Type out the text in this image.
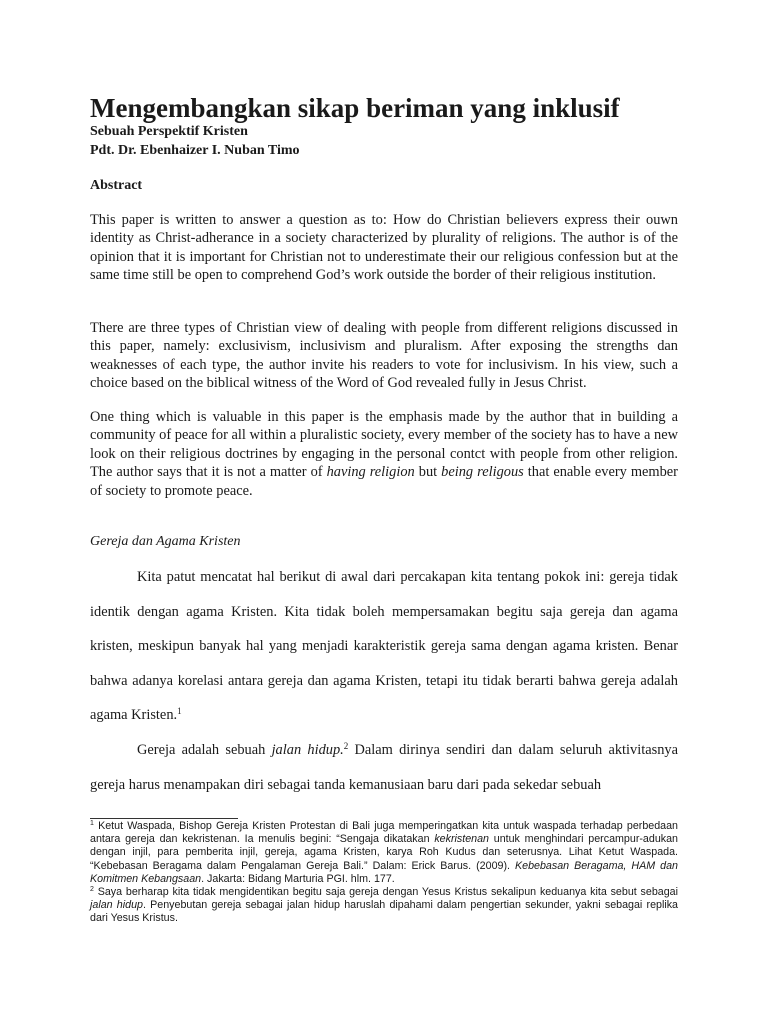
Mengembangkan sikap beriman yang inklusif
Sebuah Perspektif Kristen
Pdt. Dr. Ebenhaizer I. Nuban Timo
Abstract

This paper is written to answer a question as to: How do Christian believers express their ouwn identity as Christ-adherance in a society characterized by plurality of religions. The author is of the opinion that it is important for Christian not to underestimate their our religious confession but at the same time still be open to comprehend God’s work outside the border of their religious institution.

There are three types of Christian view of dealing with people from different religions discussed in this paper, namely: exclusivism, inclusivism and pluralism. After exposing the strengths dan weaknesses of each type, the author invite his readers to vote for inclusivism. In his view, such a choice based on the biblical witness of the Word of God revealed fully in Jesus Christ.

One thing which is valuable in this paper is the emphasis made by the author that in building a community of peace for all within a pluralistic society, every member of the society has to have a new look on their religious doctrines by engaging in the personal contct with people from other religion. The author says that it is not a matter of having religion but being religous that enable every member of society to promote peace.

Gereja dan Agama Kristen

Kita patut mencatat hal berikut di awal dari percakapan kita tentang pokok ini: gereja tidak identik dengan agama Kristen. Kita tidak boleh mempersamakan begitu saja gereja dan agama kristen, meskipun banyak hal yang menjadi karakteristik gereja sama dengan agama kristen. Benar bahwa adanya korelasi antara gereja dan agama Kristen, tetapi itu tidak berarti bahwa gereja adalah agama Kristen.$^1$

Gereja adalah sebuah jalan hidup.$^2$ Dalam dirinya sendiri dan dalam seluruh aktivitasnya gereja harus menampakan diri sebagai tanda kemanusiaan baru dari pada sekedar sebuah

$^1$ Ketut Waspada, Bishop Gereja Kristen Protestan di Bali juga memperingatkan kita untuk waspada terhadap perbedaan antara gereja dan kekristenan. Ia menulis begini: “Sengaja dikatakan kekristenan untuk menghindari percampur-adukan dengan injil, para pemberita injil, gereja, agama Kristen, karya Roh Kudus dan seterusnya. Lihat Ketut Waspada. “Kebebasan Beragama dalam Pengalaman Gereja Bali.” Dalam: Erick Barus. (2009). Kebebasan Beragama, HAM dan Komitmen Kebangsaan. Jakarta: Bidang Marturia PGI. hlm. 177.

$^2$ Saya berharap kita tidak mengidentikan begitu saja gereja dengan Yesus Kristus sekalipun keduanya kita sebut sebagai jalan hidup. Penyebutan gereja sebagai jalan hidup haruslah dipahami dalam pengertian sekunder, yakni sebagai replika dari Yesus Kristus.
